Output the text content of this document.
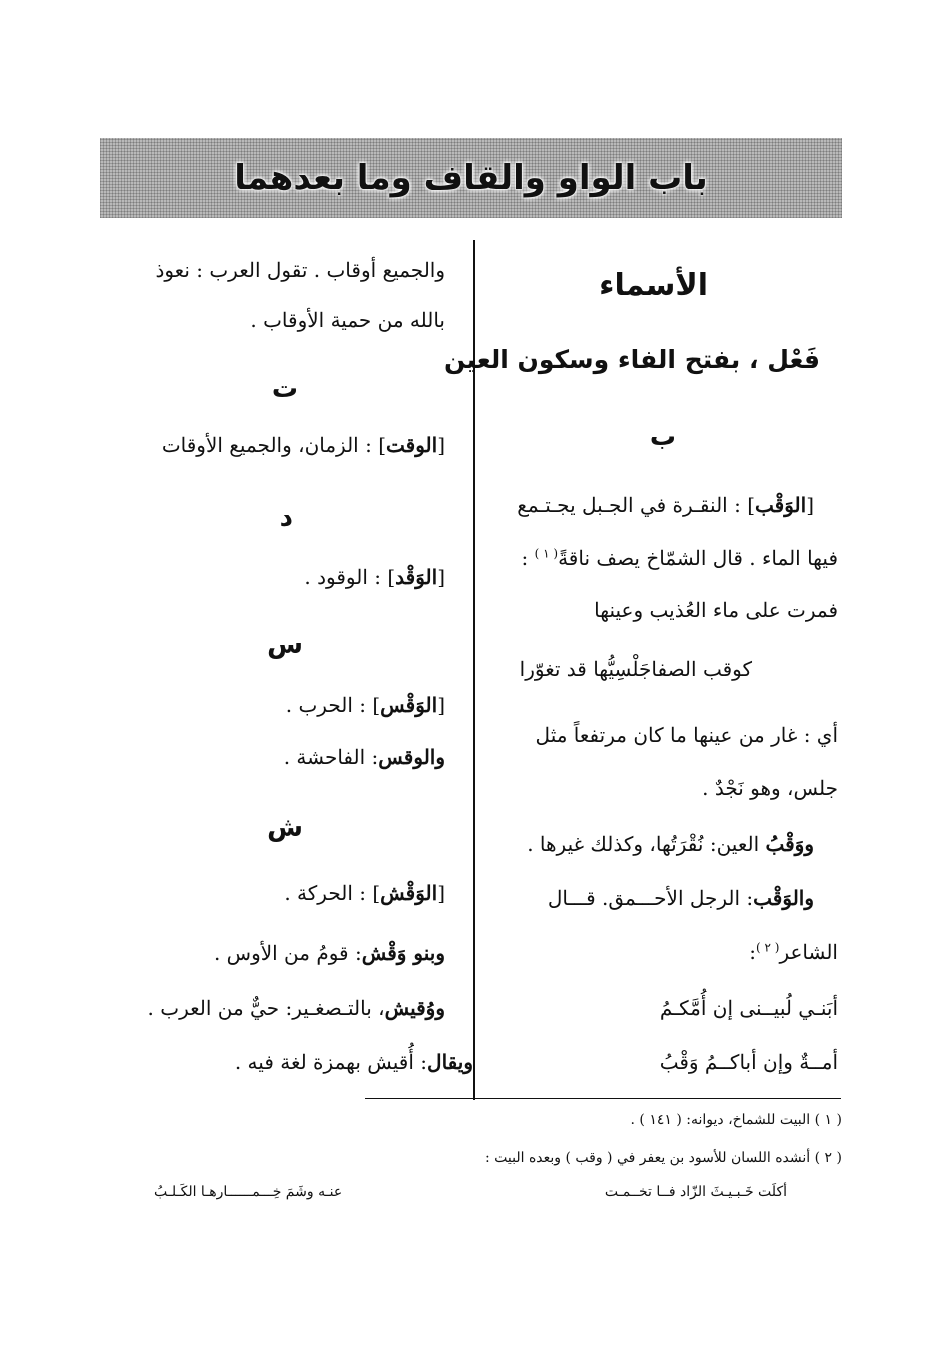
باب الواو والقاف وما بعدهما
الأسماء
فَعْل ، بفتح الفاء وسكون العين
ب
[الوَقْب] : النقـرة في الجـبل يجـتـمع
فيها الماء . قال الشمّاخ يصف ناقةً$^{( ١ )}$ :
فمرت على ماء العُذيب وعينها
كوقب الصفاجَلْسِيُّها قد تغوّرا
أي : غار من عينها ما كان مرتفعاً مثل
جلس، وهو نَجْدٌ .
ووَقْبُ العين: نُقْرَتُها، وكذلك غيرها .
والوَقْب: الرجل الأحـــمق. قـــال
الشاعر$^{( ٢ )}$:
أبَنـي لُبيــنى إن أُمَّكـمُ
أمــةٌ وإن أباكــمُ وَقْبُ
والجميع أوقاب . تقول العرب : نعوذ
بالله من حمية الأوقاب .
ت
[الوقت] : الزمان، والجميع الأوقات
د
[الوَقْد] : الوقود .
س
[الوَقْس] : الحرب .
والوقس: الفاحشة .
ش
[الوَقْش] : الحركة .
وبنو وَقْش: قومُ من الأوس .
ووُقيش، بالتـصغـير: حيٌّ من العرب .
ويقال: أُقيش بهمزة لغة فيه .
( ١ ) البيت للشماخ، ديوانه: ( ١٤١ ) .
( ٢ ) أنشده اللسان للأسود بن يعفر في ( وقب ) وبعده البيت :
أكلَت خَـبـيـثَ الزّاد فــا تخــمـت
عنـه وشَمَ خِـــمــــــارهـا الكَـلـبُ
